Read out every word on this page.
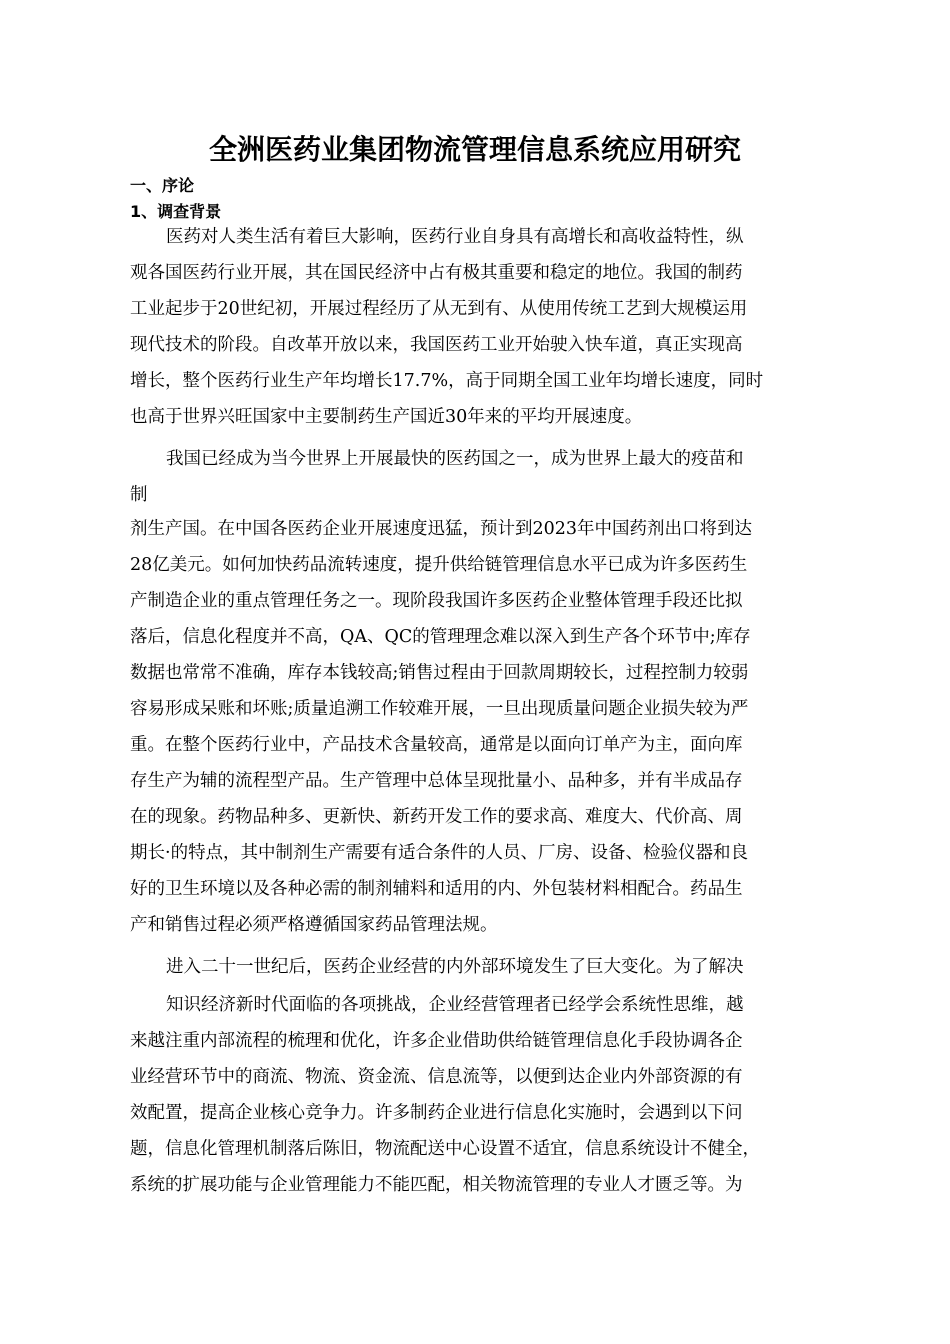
全洲医药业集团物流管理信息系统应用研究
一、序论
1、调查背景
医药对人类生活有着巨大影响，医药行业自身具有高增长和高收益特性，纵
观各国医药行业开展，其在国民经济中占有极其重要和稳定的地位。我国的制药
工业起步于20世纪初，开展过程经历了从无到有、从使用传统工艺到大规模运用
现代技术的阶段。自改革开放以来，我国医药工业开始驶入快车道，真正实现高
增长，整个医药行业生产年均增长17.7%，高于同期全国工业年均增长速度，同时
也高于世界兴旺国家中主要制药生产国近30年来的平均开展速度。
我国已经成为当今世界上开展最快的医药国之一，成为世界上最大的疫苗和
制
剂生产国。在中国各医药企业开展速度迅猛，预计到2023年中国药剂出口将到达
28亿美元。如何加快药品流转速度，提升供给链管理信息水平已成为许多医药生
产制造企业的重点管理任务之一。现阶段我国许多医药企业整体管理手段还比拟
落后，信息化程度并不高，QA、QC的管理理念难以深入到生产各个环节中;库存
数据也常常不准确，库存本钱较高;销售过程由于回款周期较长，过程控制力较弱
容易形成呆账和坏账;质量追溯工作较难开展，一旦出现质量问题企业损失较为严
重。在整个医药行业中，产品技术含量较高，通常是以面向订单产为主，面向库
存生产为辅的流程型产品。生产管理中总体呈现批量小、品种多，并有半成品存
在的现象。药物品种多、更新快、新药开发工作的要求高、难度大、代价高、周
期长·的特点，其中制剂生产需要有适合条件的人员、厂房、设备、检验仪器和良
好的卫生环境以及各种必需的制剂辅料和适用的内、外包装材料相配合。药品生
产和销售过程必须严格遵循国家药品管理法规。
进入二十一世纪后，医药企业经营的内外部环境发生了巨大变化。为了解决
知识经济新时代面临的各项挑战，企业经营管理者已经学会系统性思维，越
来越注重内部流程的梳理和优化，许多企业借助供给链管理信息化手段协调各企
业经营环节中的商流、物流、资金流、信息流等，以便到达企业内外部资源的有
效配置，提高企业核心竞争力。许多制药企业进行信息化实施时，会遇到以下问
题，信息化管理机制落后陈旧，物流配送中心设置不适宜，信息系统设计不健全，
系统的扩展功能与企业管理能力不能匹配，相关物流管理的专业人才匮乏等。为
